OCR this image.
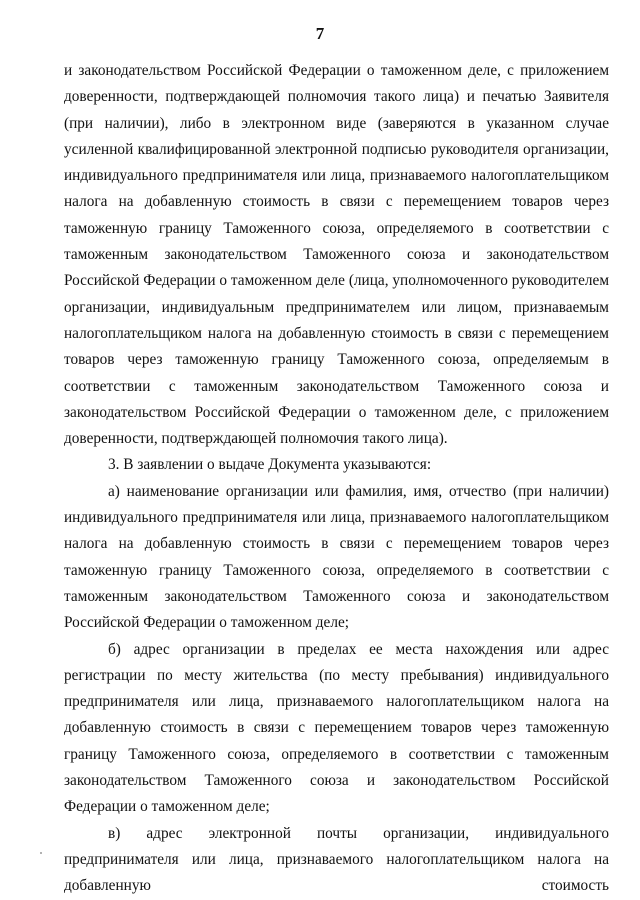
7

и законодательством Российской Федерации о таможенном деле, с приложением доверенности, подтверждающей полномочия такого лица) и печатью Заявителя (при наличии), либо в электронном виде (заверяются в указанном случае усиленной квалифицированной электронной подписью руководителя организации, индивидуального предпринимателя или лица, признаваемого налогоплательщиком налога на добавленную стоимость в связи с перемещением товаров через таможенную границу Таможенного союза, определяемого в соответствии с таможенным законодательством Таможенного союза и законодательством Российской Федерации о таможенном деле (лица, уполномоченного руководителем организации, индивидуальным предпринимателем или лицом, признаваемым налогоплательщиком налога на добавленную стоимость в связи с перемещением товаров через таможенную границу Таможенного союза, определяемым в соответствии с таможенным законодательством Таможенного союза и законодательством Российской Федерации о таможенном деле, с приложением доверенности, подтверждающей полномочия такого лица).

3. В заявлении о выдаче Документа указываются:

а) наименование организации или фамилия, имя, отчество (при наличии) индивидуального предпринимателя или лица, признаваемого налогоплательщиком налога на добавленную стоимость в связи с перемещением товаров через таможенную границу Таможенного союза, определяемого в соответствии с таможенным законодательством Таможенного союза и законодательством Российской Федерации о таможенном деле;

б) адрес организации в пределах ее места нахождения или адрес регистрации по месту жительства (по месту пребывания) индивидуального предпринимателя или лица, признаваемого налогоплательщиком налога на добавленную стоимость в связи с перемещением товаров через таможенную границу Таможенного союза, определяемого в соответствии с таможенным законодательством Таможенного союза и законодательством Российской Федерации о таможенном деле;

в) адрес электронной почты организации, индивидуального предпринимателя или лица, признаваемого налогоплательщиком налога на добавленную стоимость
